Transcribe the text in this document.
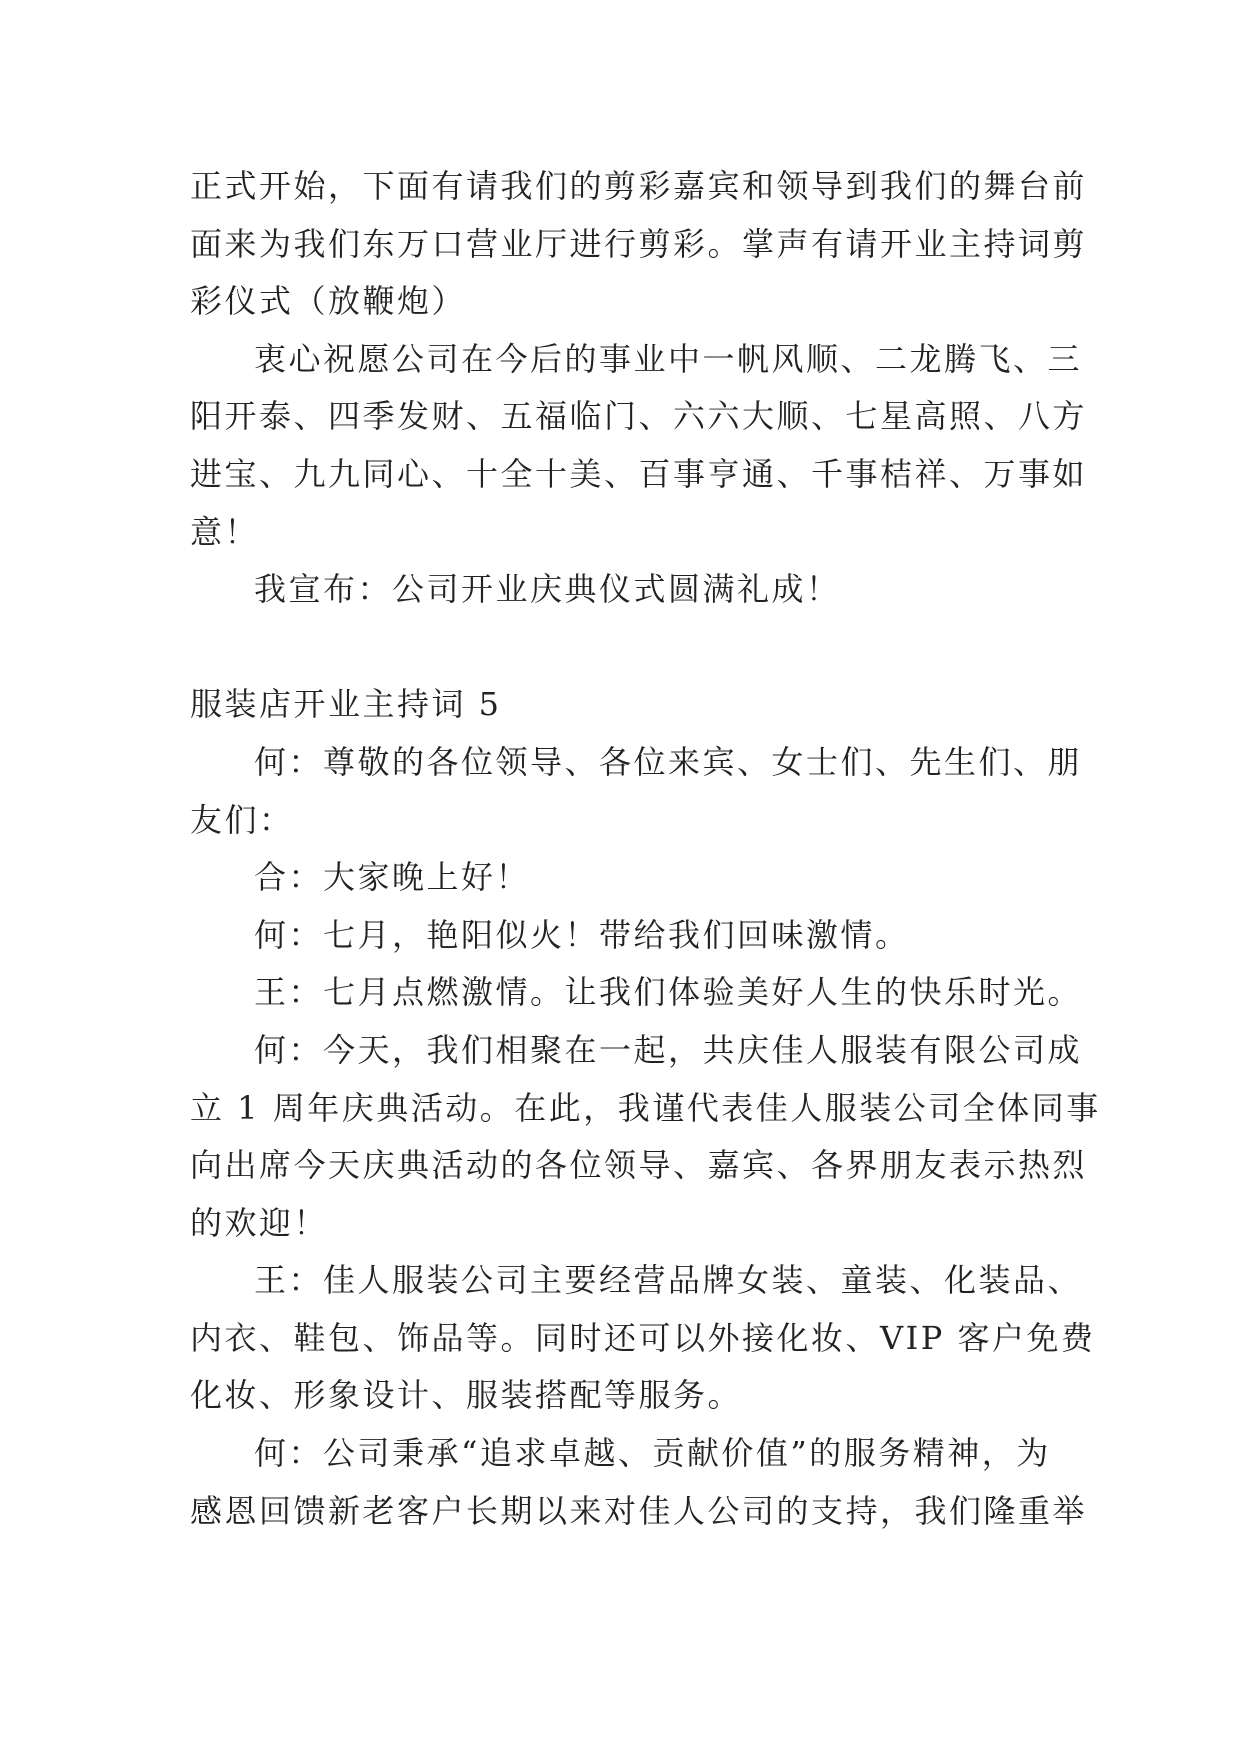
正式开始，下面有请我们的剪彩嘉宾和领导到我们的舞台前
面来为我们东万口营业厅进行剪彩。掌声有请开业主持词剪
彩仪式（放鞭炮）
衷心祝愿公司在今后的事业中一帆风顺、二龙腾飞、三
阳开泰、四季发财、五福临门、六六大顺、七星高照、八方
进宝、九九同心、十全十美、百事亨通、千事桔祥、万事如
意！
我宣布：公司开业庆典仪式圆满礼成！
服装店开业主持词 5
何：尊敬的各位领导、各位来宾、女士们、先生们、朋
友们：
合：大家晚上好！
何：七月，艳阳似火！带给我们回味激情。
王：七月点燃激情。让我们体验美好人生的快乐时光。
何：今天，我们相聚在一起，共庆佳人服装有限公司成
立 1 周年庆典活动。在此，我谨代表佳人服装公司全体同事
向出席今天庆典活动的各位领导、嘉宾、各界朋友表示热烈
的欢迎！
王：佳人服装公司主要经营品牌女装、童装、化装品、
内衣、鞋包、饰品等。同时还可以外接化妆、VIP 客户免费
化妆、形象设计、服装搭配等服务。
何：公司秉承“追求卓越、贡献价值”的服务精神，为
感恩回馈新老客户长期以来对佳人公司的支持，我们隆重举
